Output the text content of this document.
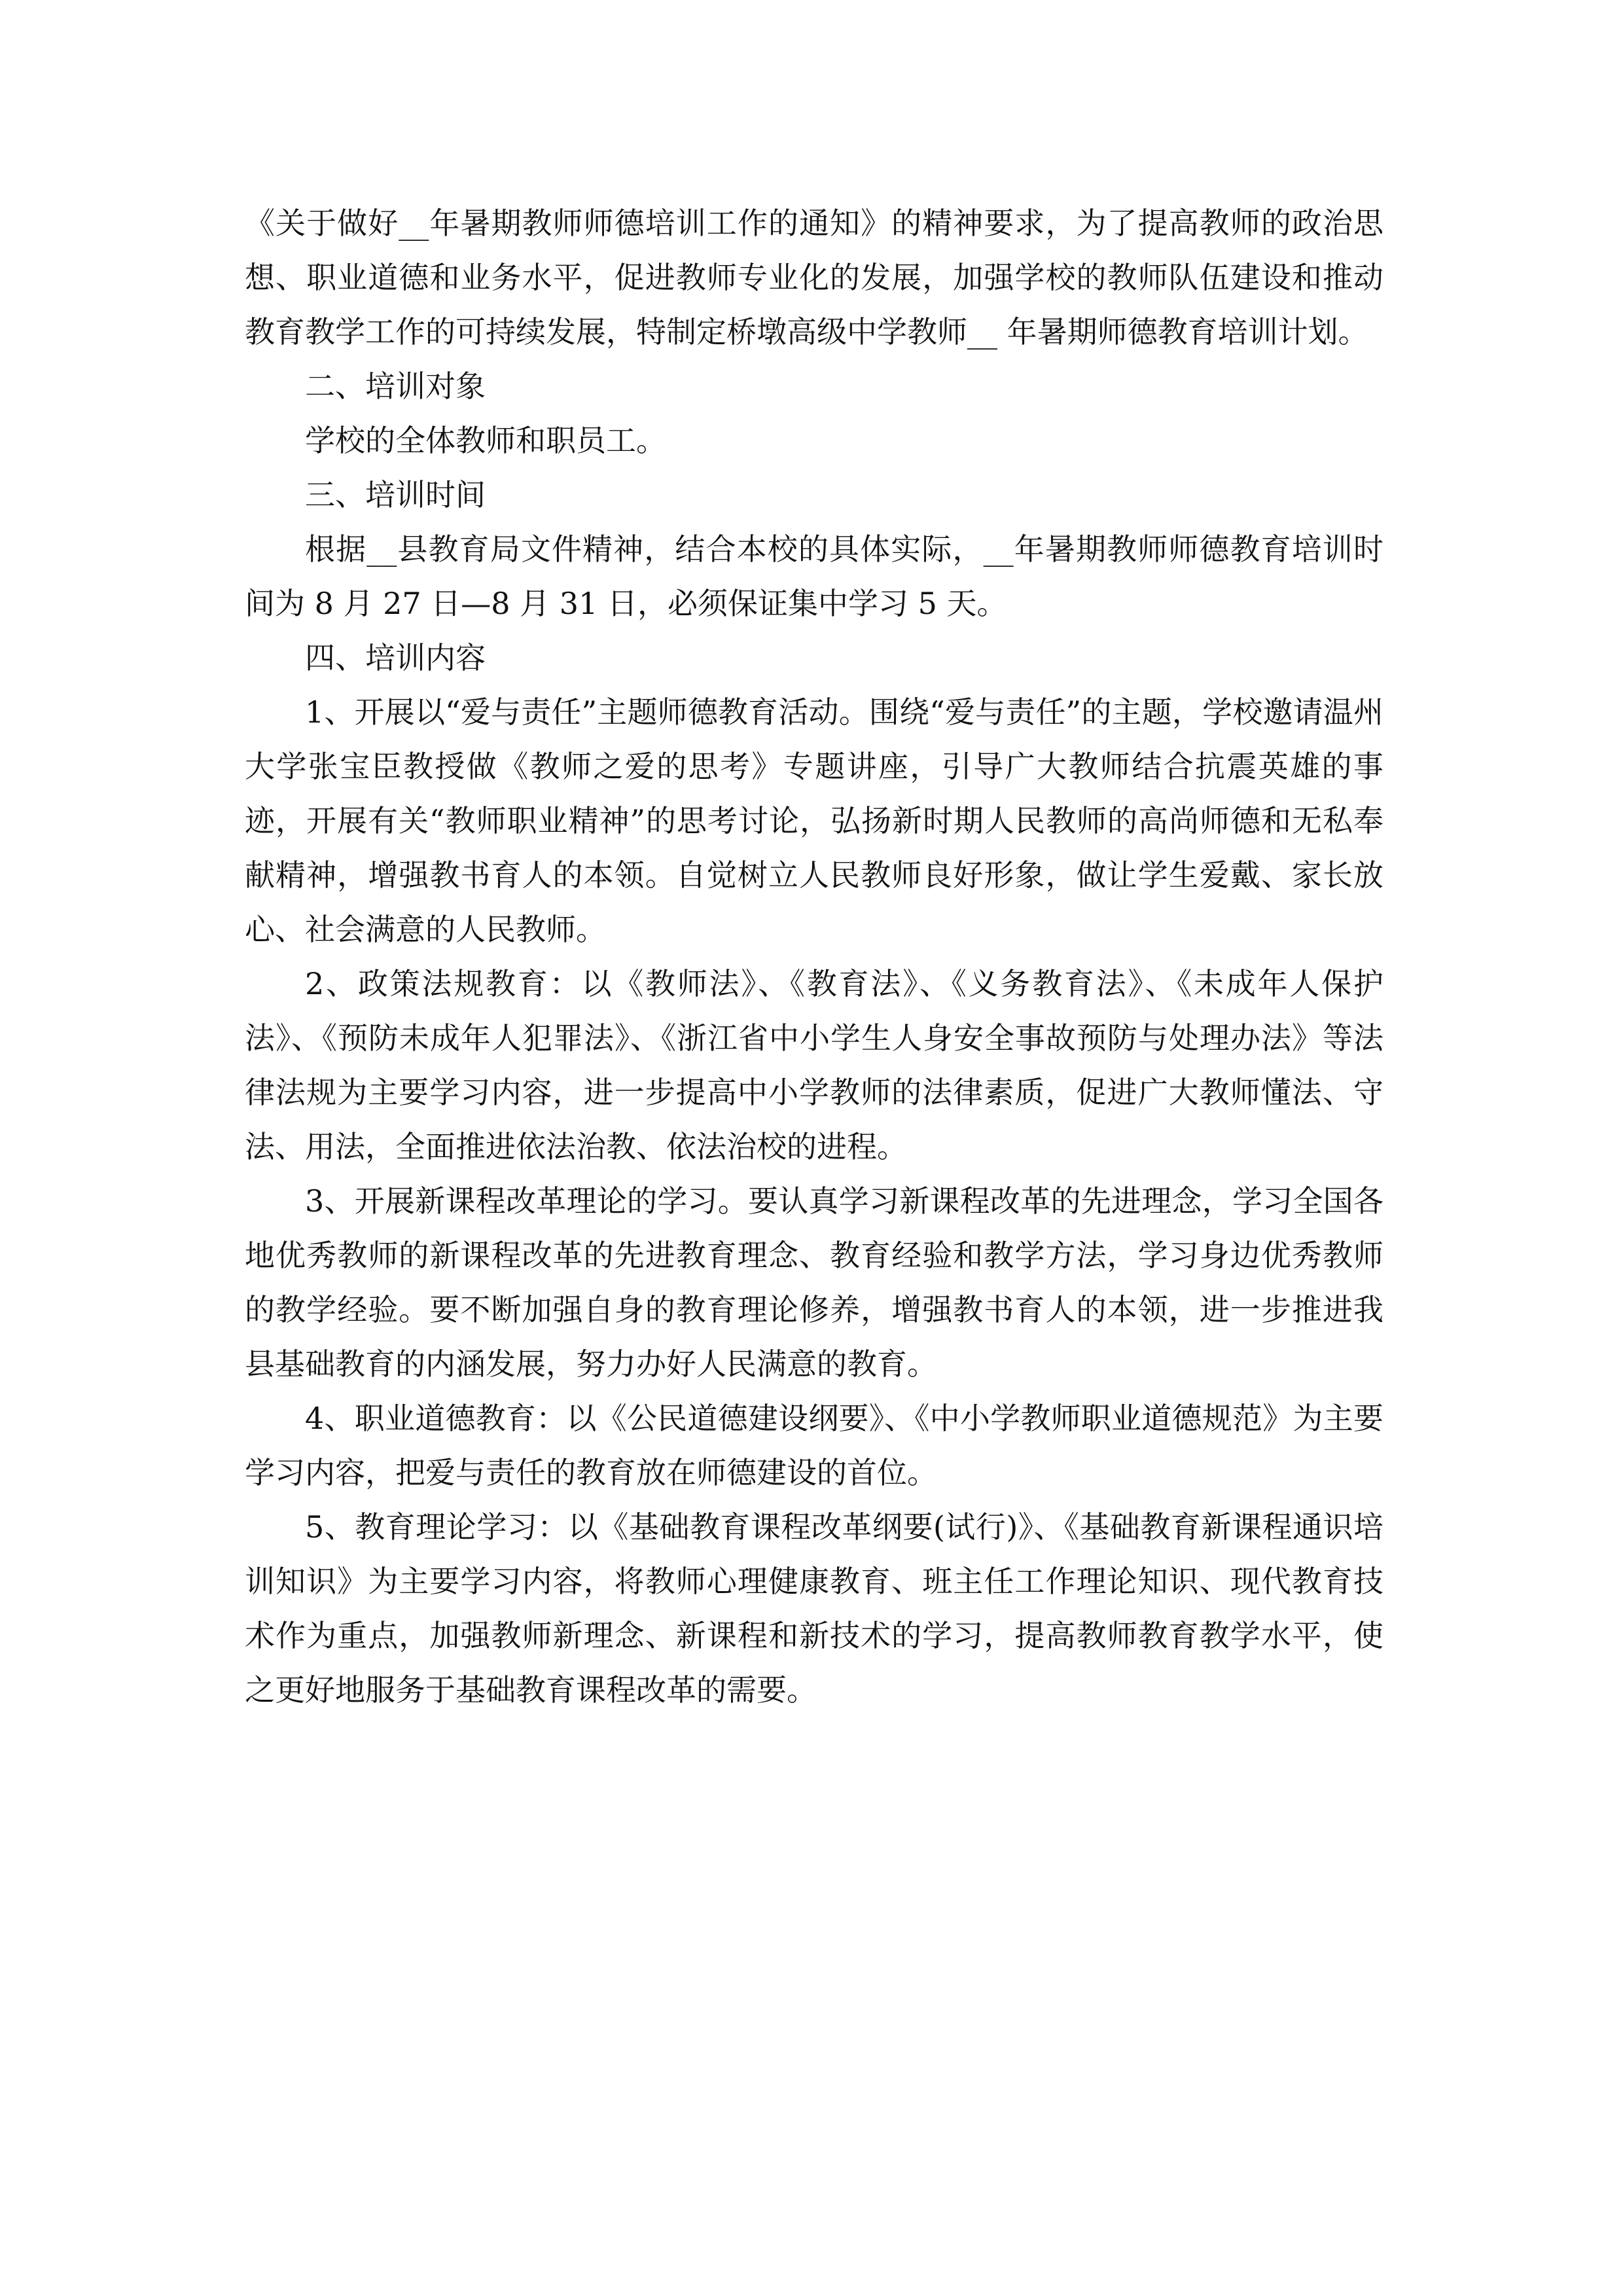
《关于做好__年暑期教师师德培训工作的通知》的精神要求，为了提高教师的政治思想、职业道德和业务水平，促进教师专业化的发展，加强学校的教师队伍建设和推动教育教学工作的可持续发展，特制定桥墩高级中学教师__ 年暑期师德教育培训计划。

二、培训对象

学校的全体教师和职员工。

三、培训时间

根据__县教育局文件精神，结合本校的具体实际，__年暑期教师师德教育培训时间为 8 月 27 日—8 月 31 日，必须保证集中学习 5 天。

四、培训内容

1、开展以“爱与责任”主题师德教育活动。围绕“爱与责任”的主题，学校邀请温州大学张宝臣教授做《教师之爱的思考》专题讲座，引导广大教师结合抗震英雄的事迹，开展有关“教师职业精神”的思考讨论，弘扬新时期人民教师的高尚师德和无私奉献精神，增强教书育人的本领。自觉树立人民教师良好形象，做让学生爱戴、家长放心、社会满意的人民教师。

2、政策法规教育：以《教师法》、《教育法》、《义务教育法》、《未成年人保护法》、《预防未成年人犯罪法》、《浙江省中小学生人身安全事故预防与处理办法》等法律法规为主要学习内容，进一步提高中小学教师的法律素质，促进广大教师懂法、守法、用法，全面推进依法治教、依法治校的进程。

3、开展新课程改革理论的学习。要认真学习新课程改革的先进理念，学习全国各地优秀教师的新课程改革的先进教育理念、教育经验和教学方法，学习身边优秀教师的教学经验。要不断加强自身的教育理论修养，增强教书育人的本领，进一步推进我县基础教育的内涵发展，努力办好人民满意的教育。

4、职业道德教育：以《公民道德建设纲要》、《中小学教师职业道德规范》为主要学习内容，把爱与责任的教育放在师德建设的首位。

5、教育理论学习：以《基础教育课程改革纲要(试行)》、《基础教育新课程通识培训知识》为主要学习内容，将教师心理健康教育、班主任工作理论知识、现代教育技术作为重点，加强教师新理念、新课程和新技术的学习，提高教师教育教学水平，使之更好地服务于基础教育课程改革的需要。
